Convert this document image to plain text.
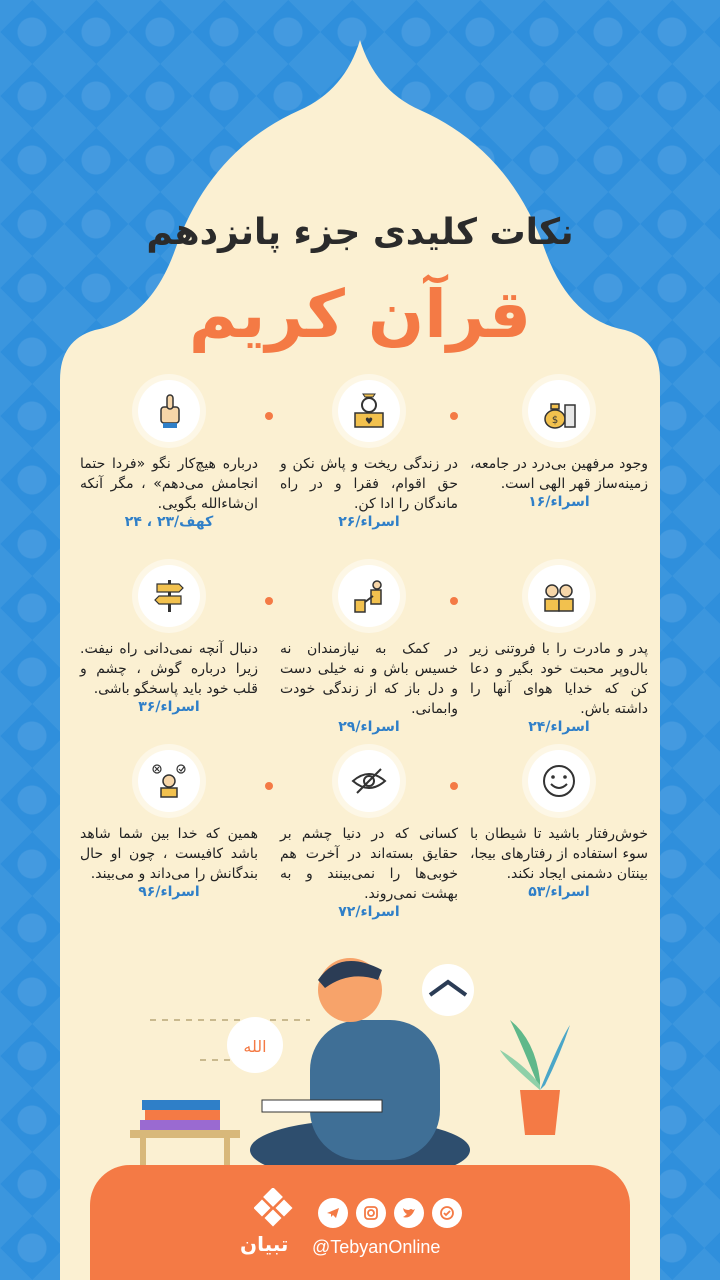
نکات کلیدی جزء پانزدهم
قرآن کریم
$
وجود مرفهین بی‌درد در جامعه، زمینه‌ساز قهر الهی است.
اسراء/۱۶
♥
در زندگی ریخت و پاش نکن و حق اقوام، فقرا و در راه ماندگان را ادا کن.
اسراء/۲۶
درباره هیچ‌کار نگو «فردا حتما انجامش می‌دهم» ، مگر آنکه ان‌شاءالله بگویی.
کهف/۲۳ ، ۲۴
پدر و مادرت را با فروتنی زیر بال‌و‌پر محبت خود بگیر و دعا کن که خدایا هوای آنها را داشته باش.
اسراء/۲۴
در کمک به نیازمندان نه خسیس باش و نه خیلی دست و دل باز که از زندگی خودت وابمانی.
اسراء/۲۹
دنبال آنچه نمی‌دانی راه نیفت. زیرا درباره گوش ، چشم و قلب خود باید پاسخگو باشی.
اسراء/۳۶
خوش‌رفتار باشید تا شیطان با سوء استفاده از رفتارهای بیجا، بینتان دشمنی ایجاد نکند.
اسراء/۵۳
کسانی که در دنیا چشم بر حقایق بسته‌اند در آخرت هم خوبی‌ها را نمی‌بینند و به بهشت نمی‌روند.
اسراء/۷۲
همین که خدا بین شما شاهد باشد کافیست ، چون او حال بندگانش را می‌داند و می‌بیند.
اسراء/۹۶
الله
تبیان @TebyanOnline
